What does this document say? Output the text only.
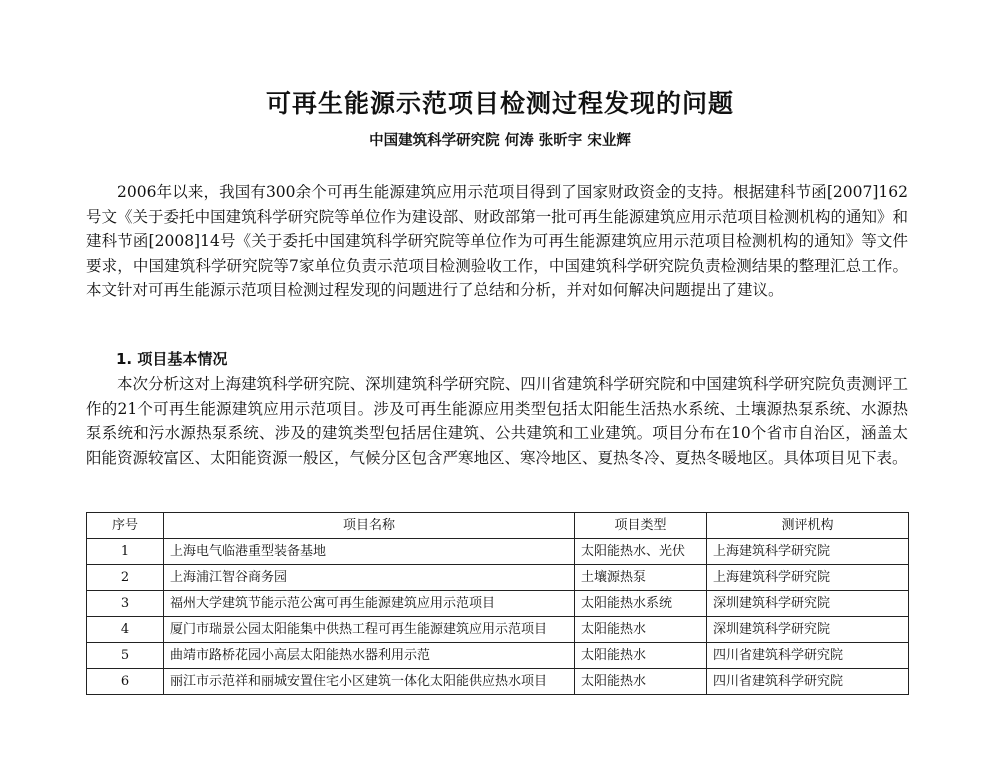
可再生能源示范项目检测过程发现的问题
中国建筑科学研究院 何涛 张昕宇 宋业辉

2006年以来，我国有300余个可再生能源建筑应用示范项目得到了国家财政资金的支持。根据建科节函[2007]162号文《关于委托中国建筑科学研究院等单位作为建设部、财政部第一批可再生能源建筑应用示范项目检测机构的通知》和建科节函[2008]14号《关于委托中国建筑科学研究院等单位作为可再生能源建筑应用示范项目检测机构的通知》等文件要求，中国建筑科学研究院等7家单位负责示范项目检测验收工作，中国建筑科学研究院负责检测结果的整理汇总工作。本文针对可再生能源示范项目检测过程发现的问题进行了总结和分析，并对如何解决问题提出了建议。

1. 项目基本情况

本次分析这对上海建筑科学研究院、深圳建筑科学研究院、四川省建筑科学研究院和中国建筑科学研究院负责测评工作的21个可再生能源建筑应用示范项目。涉及可再生能源应用类型包括太阳能生活热水系统、土壤源热泵系统、水源热泵系统和污水源热泵系统、涉及的建筑类型包括居住建筑、公共建筑和工业建筑。项目分布在10个省市自治区，涵盖太阳能资源较富区、太阳能资源一般区，气候分区包含严寒地区、寒冷地区、夏热冬冷、夏热冬暖地区。具体项目见下表。

序号	项目名称	项目类型	测评机构
1	上海电气临港重型装备基地	太阳能热水、光伏	上海建筑科学研究院
2	上海浦江智谷商务园	土壤源热泵	上海建筑科学研究院
3	福州大学建筑节能示范公寓可再生能源建筑应用示范项目	太阳能热水系统	深圳建筑科学研究院
4	厦门市瑞景公园太阳能集中供热工程可再生能源建筑应用示范项目	太阳能热水	深圳建筑科学研究院
5	曲靖市路桥花园小高层太阳能热水器利用示范	太阳能热水	四川省建筑科学研究院
6	丽江市示范祥和丽城安置住宅小区建筑一体化太阳能供应热水项目	太阳能热水	四川省建筑科学研究院
